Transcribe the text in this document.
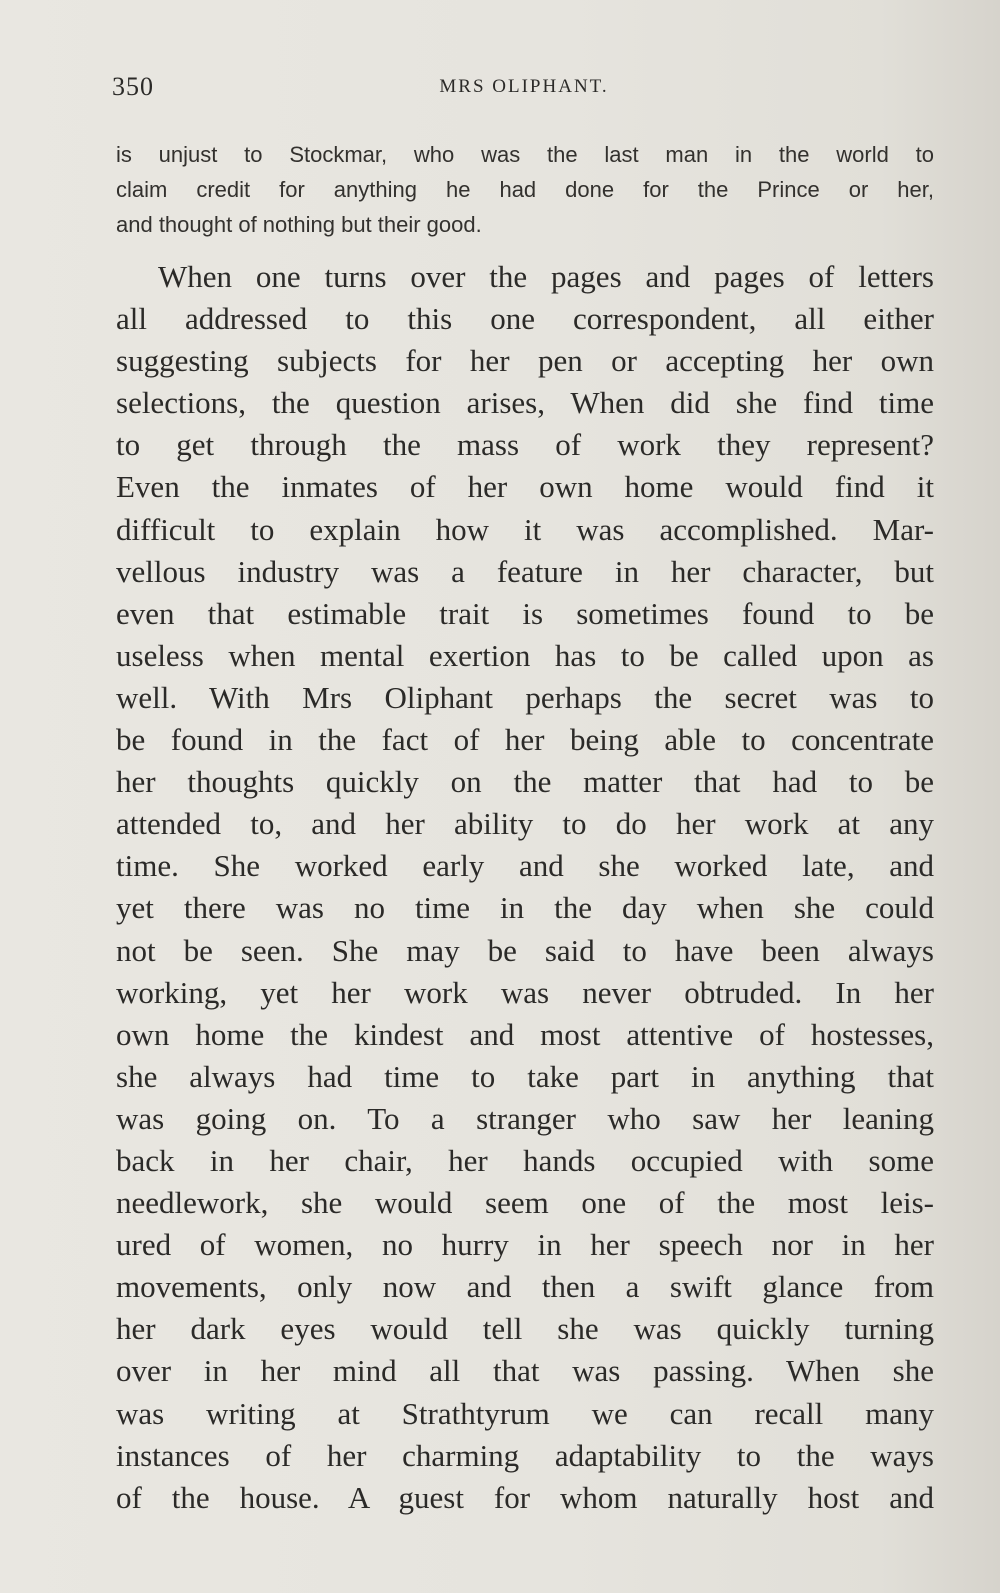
350	MRS OLIPHANT.
is unjust to Stockmar, who was the last man in the world to
claim credit for anything he had done for the Prince or her,
and thought of nothing but their good.
When one turns over the pages and pages of letters
all addressed to this one correspondent, all either
suggesting subjects for her pen or accepting her own
selections, the question arises, When did she find time
to get through the mass of work they represent?
Even the inmates of her own home would find it
difficult to explain how it was accomplished. Mar-
vellous industry was a feature in her character, but
even that estimable trait is sometimes found to be
useless when mental exertion has to be called upon as
well. With Mrs Oliphant perhaps the secret was to
be found in the fact of her being able to concentrate
her thoughts quickly on the matter that had to be
attended to, and her ability to do her work at any
time. She worked early and she worked late, and
yet there was no time in the day when she could
not be seen. She may be said to have been always
working, yet her work was never obtruded. In her
own home the kindest and most attentive of hostesses,
she always had time to take part in anything that
was going on. To a stranger who saw her leaning
back in her chair, her hands occupied with some
needlework, she would seem one of the most leis-
ured of women, no hurry in her speech nor in her
movements, only now and then a swift glance from
her dark eyes would tell she was quickly turning
over in her mind all that was passing. When she
was writing at Strathtyrum we can recall many
instances of her charming adaptability to the ways
of the house. A guest for whom naturally host and
